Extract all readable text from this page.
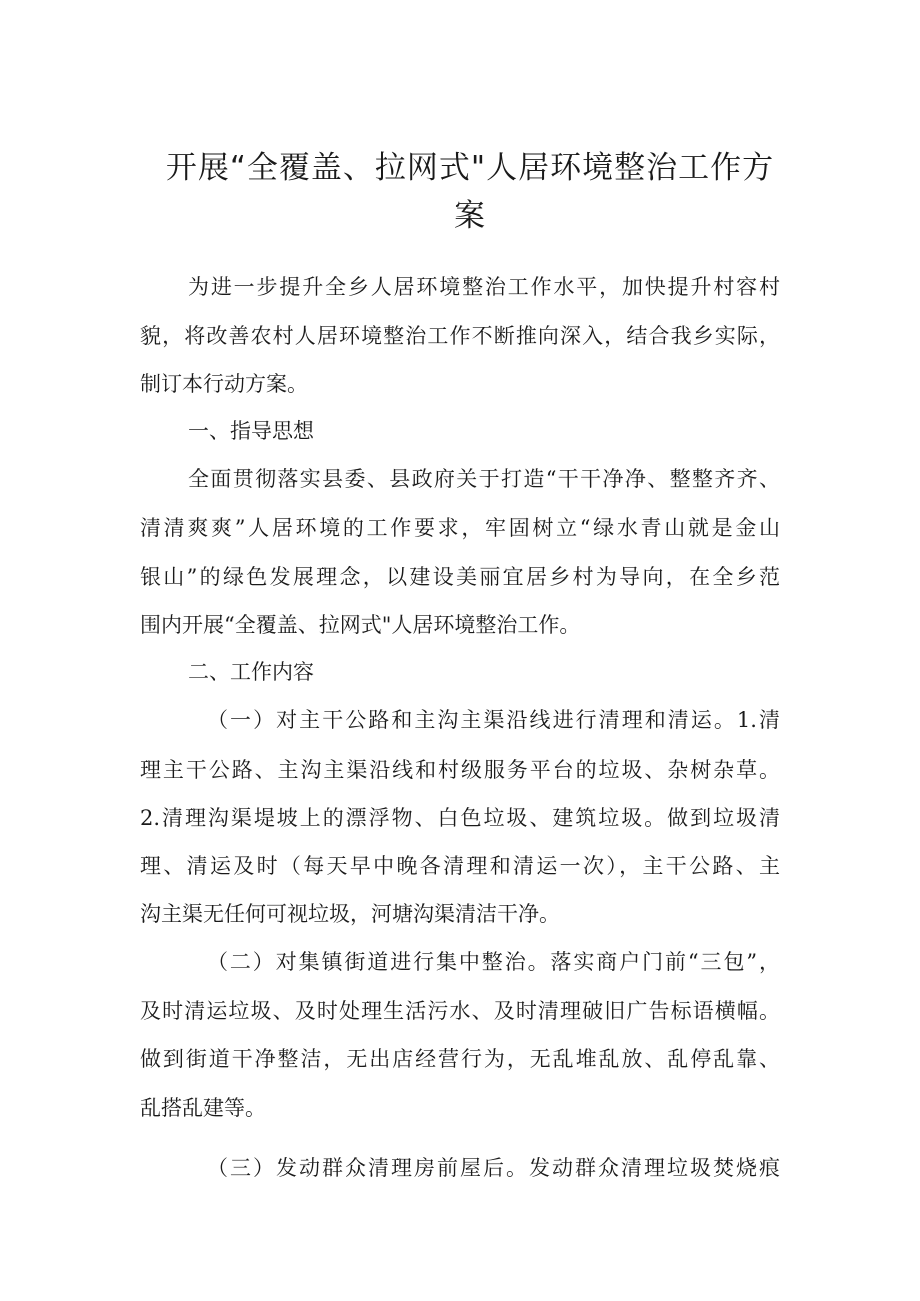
开展“全覆盖、拉网式"人居环境整治工作方
案
为进一步提升全乡人居环境整治工作水平，加快提升村容村
貌，将改善农村人居环境整治工作不断推向深入，结合我乡实际，
制订本行动方案。
一、指导思想
全面贯彻落实县委、县政府关于打造“干干净净、整整齐齐、
清清爽爽”人居环境的工作要求，牢固树立“绿水青山就是金山
银山”的绿色发展理念，以建设美丽宜居乡村为导向，在全乡范
围内开展“全覆盖、拉网式"人居环境整治工作。
二、工作内容
（一）对主干公路和主沟主渠沿线进行清理和清运。1.清
理主干公路、主沟主渠沿线和村级服务平台的垃圾、杂树杂草。
2.清理沟渠堤坡上的漂浮物、白色垃圾、建筑垃圾。做到垃圾清
理、清运及时（每天早中晚各清理和清运一次），主干公路、主
沟主渠无任何可视垃圾，河塘沟渠清洁干净。
（二）对集镇街道进行集中整治。落实商户门前“三包”，
及时清运垃圾、及时处理生活污水、及时清理破旧广告标语横幅。
做到街道干净整洁，无出店经营行为，无乱堆乱放、乱停乱靠、
乱搭乱建等。
（三）发动群众清理房前屋后。发动群众清理垃圾焚烧痕
